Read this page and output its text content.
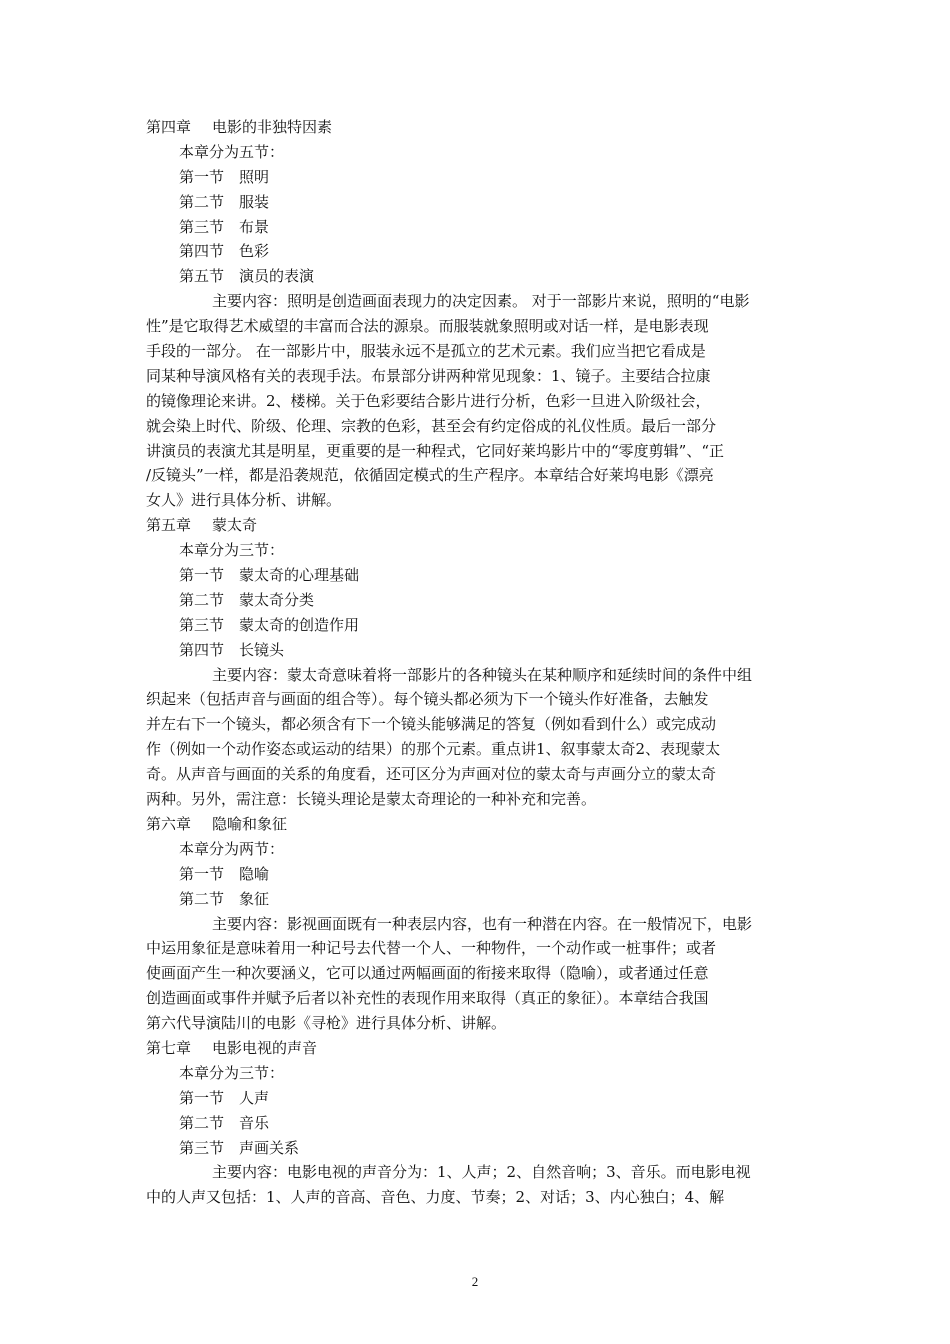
第四章 电影的非独特因素
本章分为五节：
第一节 照明
第二节 服装
第三节 布景
第四节 色彩
第五节 演员的表演
主要内容：照明是创造画面表现力的决定因素。 对于一部影片来说，照明的“电影
性”是它取得艺术威望的丰富而合法的源泉。而服装就象照明或对话一样，是电影表现
手段的一部分。 在一部影片中，服装永远不是孤立的艺术元素。我们应当把它看成是
同某种导演风格有关的表现手法。布景部分讲两种常见现象：1、镜子。主要结合拉康
的镜像理论来讲。2、楼梯。关于色彩要结合影片进行分析，色彩一旦进入阶级社会，
就会染上时代、阶级、伦理、宗教的色彩，甚至会有约定俗成的礼仪性质。最后一部分
讲演员的表演尤其是明星，更重要的是一种程式，它同好莱坞影片中的“零度剪辑”、“正
/反镜头”一样，都是沿袭规范，依循固定模式的生产程序。本章结合好莱坞电影《漂亮
女人》进行具体分析、讲解。
第五章 蒙太奇
本章分为三节：
第一节 蒙太奇的心理基础
第二节 蒙太奇分类
第三节 蒙太奇的创造作用
第四节 长镜头
主要内容：蒙太奇意味着将一部影片的各种镜头在某种顺序和延续时间的条件中组
织起来（包括声音与画面的组合等）。每个镜头都必须为下一个镜头作好准备，去触发
并左右下一个镜头，都必须含有下一个镜头能够满足的答复（例如看到什么）或完成动
作（例如一个动作姿态或运动的结果）的那个元素。重点讲1、叙事蒙太奇2、表现蒙太
奇。从声音与画面的关系的角度看，还可区分为声画对位的蒙太奇与声画分立的蒙太奇
两种。另外，需注意：长镜头理论是蒙太奇理论的一种补充和完善。
第六章 隐喻和象征
本章分为两节：
第一节 隐喻
第二节 象征
主要内容：影视画面既有一种表层内容，也有一种潜在内容。在一般情况下，电影
中运用象征是意味着用一种记号去代替一个人、一种物件，一个动作或一桩事件；或者
使画面产生一种次要涵义，它可以通过两幅画面的衔接来取得（隐喻），或者通过任意
创造画面或事件并赋予后者以补充性的表现作用来取得（真正的象征）。本章结合我国
第六代导演陆川的电影《寻枪》进行具体分析、讲解。
第七章 电影电视的声音
本章分为三节：
第一节 人声
第二节 音乐
第三节 声画关系
主要内容：电影电视的声音分为：1、人声；2、自然音响；3、音乐。而电影电视
中的人声又包括：1、人声的音高、音色、力度、节奏；2、对话；3、内心独白；4、解
2
